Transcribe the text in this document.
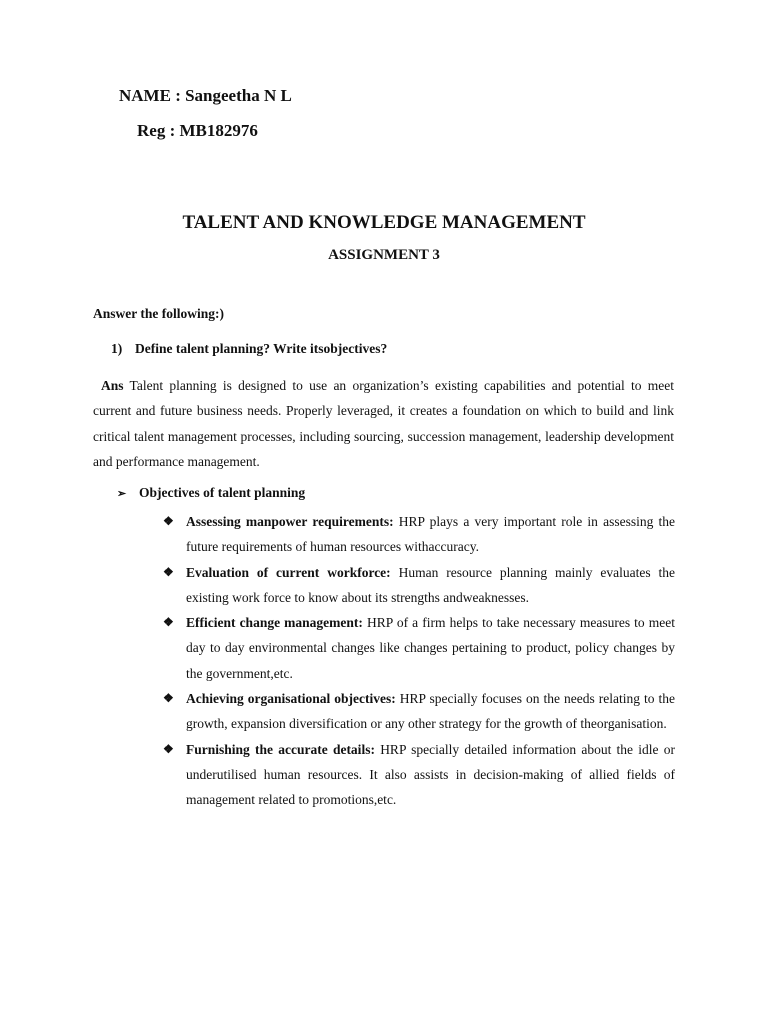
NAME : Sangeetha N L
Reg : MB182976
TALENT AND KNOWLEDGE MANAGEMENT
ASSIGNMENT 3
Answer the following:)
1) Define talent planning? Write itsobjectives?
Ans Talent planning is designed to use an organization’s existing capabilities and potential to meet current and future business needs. Properly leveraged, it creates a foundation on which to build and link critical talent management processes, including sourcing, succession management, leadership development and performance management.
➢ Objectives of talent planning
❖ Assessing manpower requirements: HRP plays a very important role in assessing the future requirements of human resources withaccuracy.
❖ Evaluation of current workforce: Human resource planning mainly evaluates the existing work force to know about its strengths andweaknesses.
❖ Efficient change management: HRP of a firm helps to take necessary measures to meet day to day environmental changes like changes pertaining to product, policy changes by the government,etc.
❖ Achieving organisational objectives: HRP specially focuses on the needs relating to the growth, expansion diversification or any other strategy for the growth of theorganisation.
❖ Furnishing the accurate details: HRP specially detailed information about the idle or underutilised human resources. It also assists in decision-making of allied fields of management related to promotions,etc.
